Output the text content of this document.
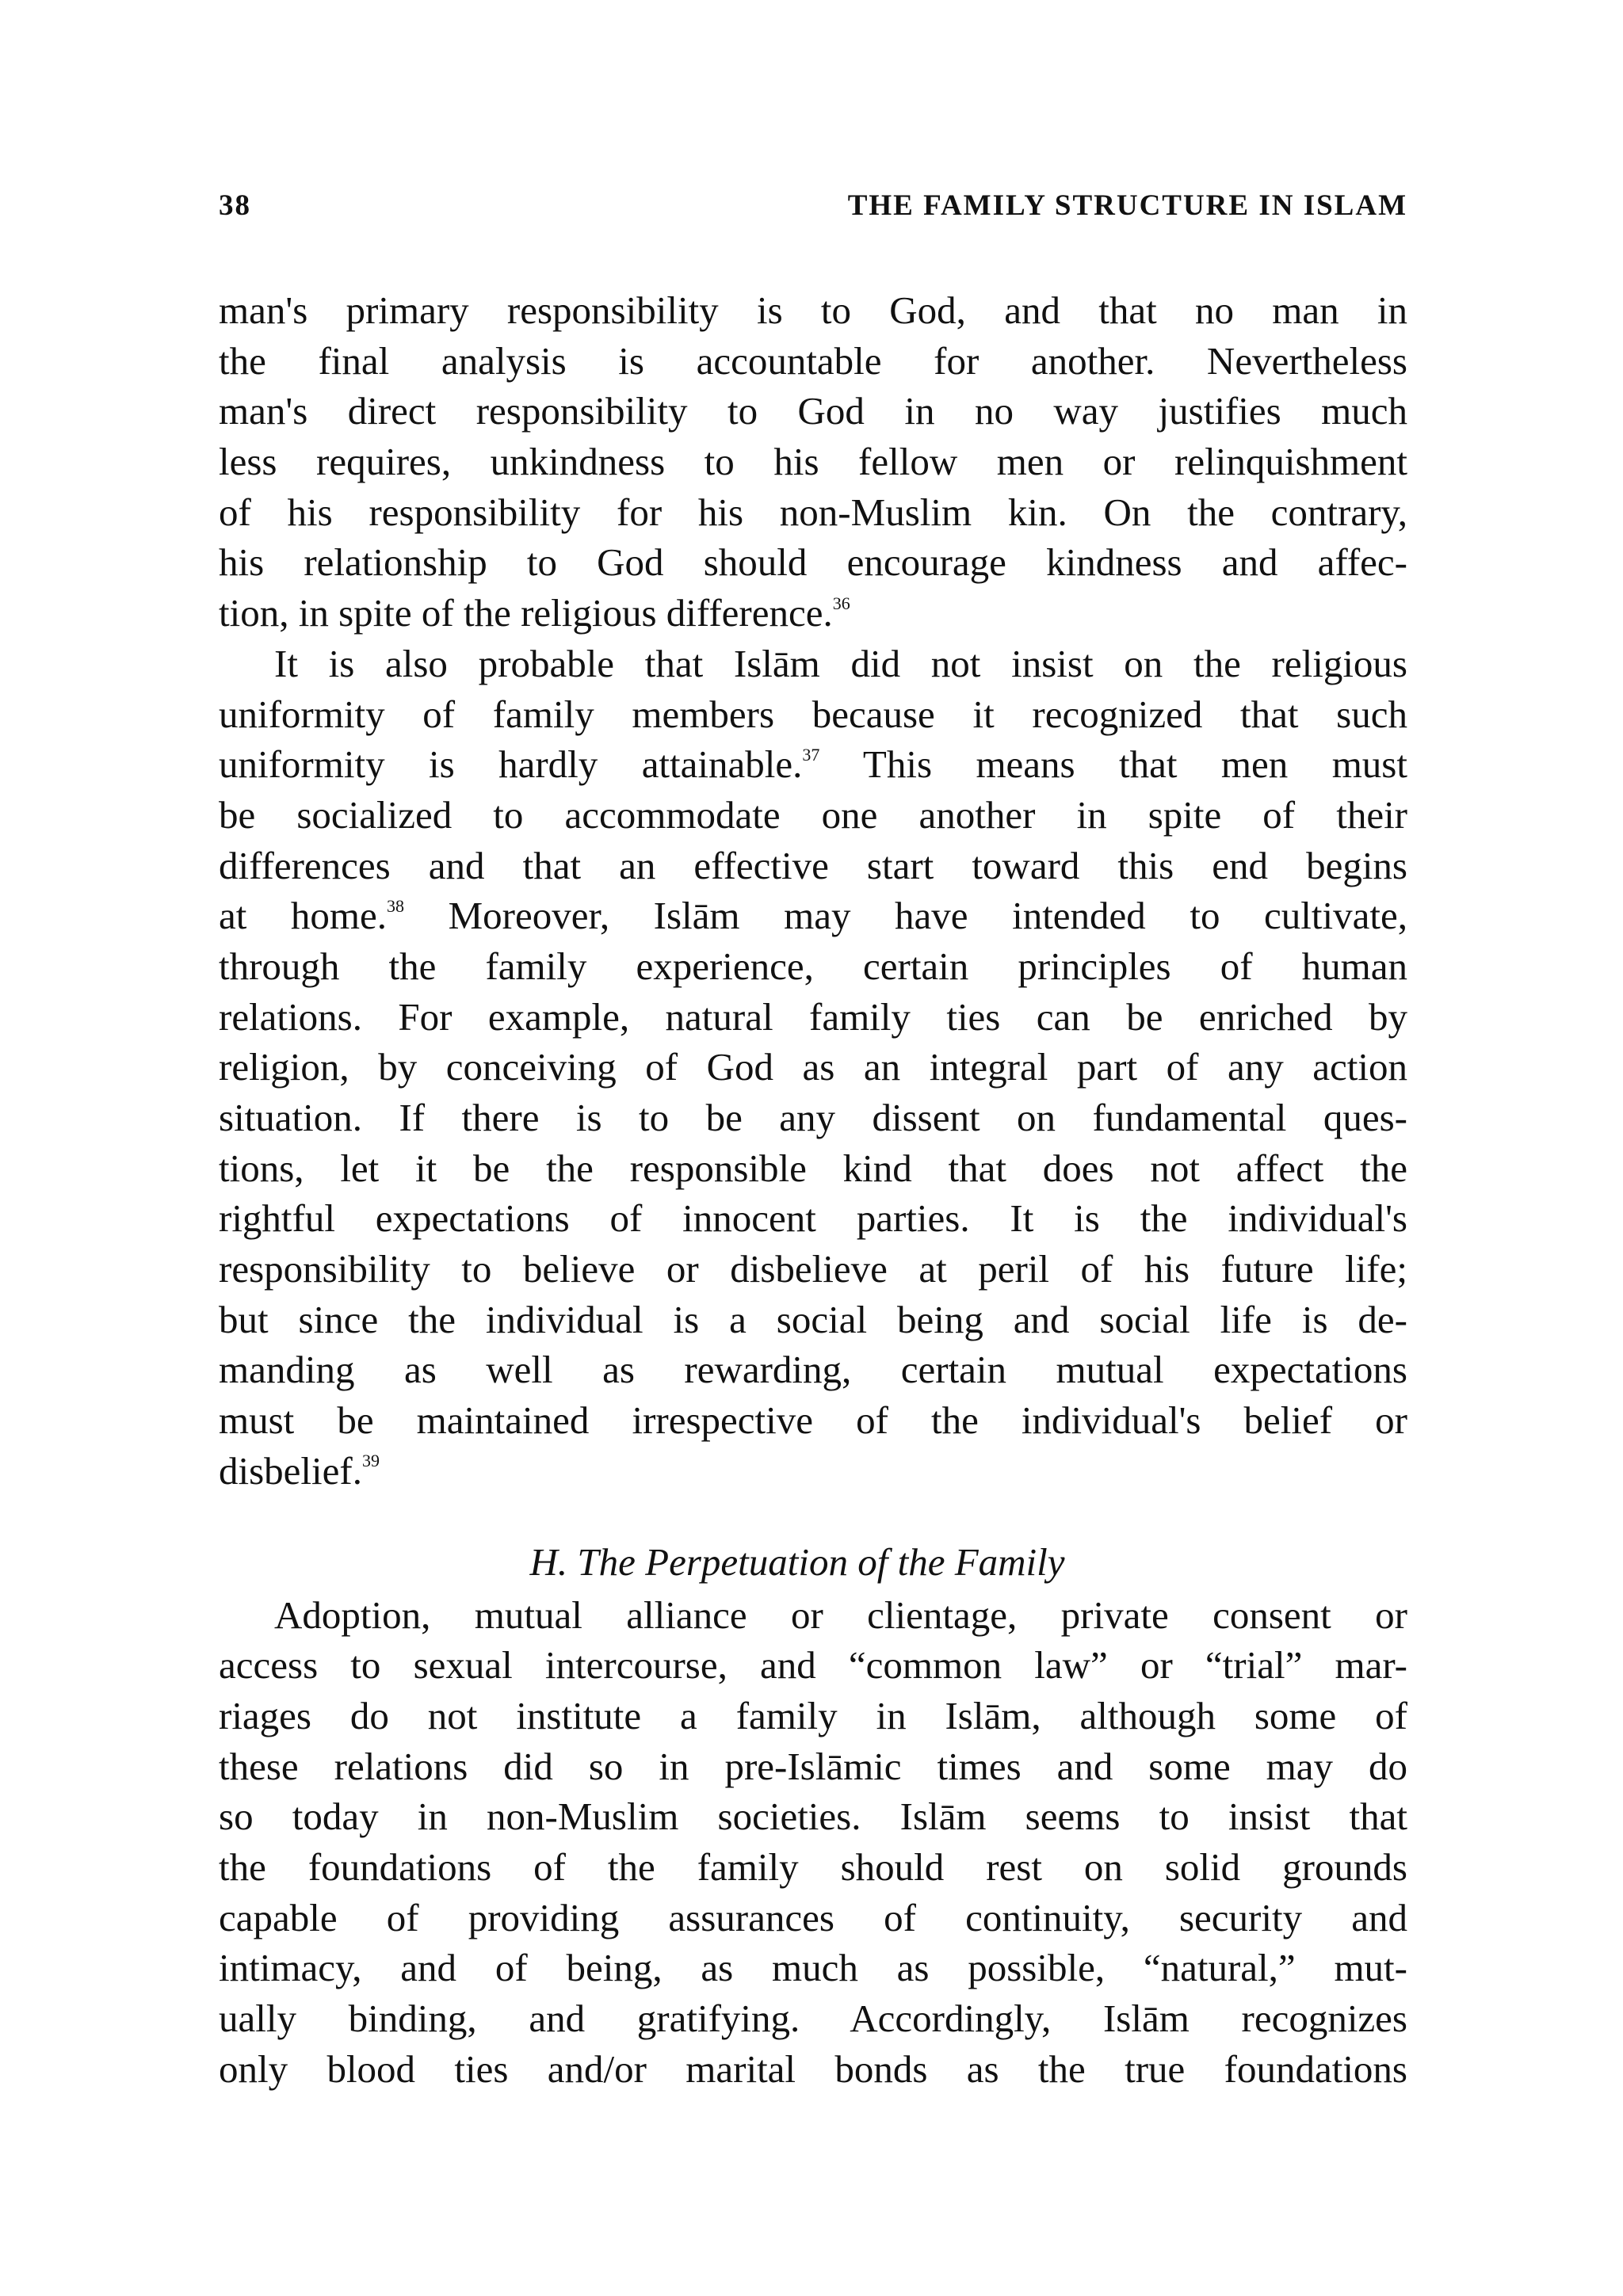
38	THE FAMILY STRUCTURE IN ISLAM
man's primary responsibility is to God, and that no man in
the final analysis is accountable for another. Nevertheless
man's direct responsibility to God in no way justifies much
less requires, unkindness to his fellow men or relinquishment
of his responsibility for his non-Muslim kin. On the contrary,
his relationship to God should encourage kindness and affec-
tion, in spite of the religious difference.$^{36}$
It is also probable that Islām did not insist on the religious
uniformity of family members because it recognized that such
uniformity is hardly attainable.$^{37}$ This means that men must
be socialized to accommodate one another in spite of their
differences and that an effective start toward this end begins
at home.$^{38}$ Moreover, Islām may have intended to cultivate,
through the family experience, certain principles of human
relations. For example, natural family ties can be enriched by
religion, by conceiving of God as an integral part of any action
situation. If there is to be any dissent on fundamental ques-
tions, let it be the responsible kind that does not affect the
rightful expectations of innocent parties. It is the individual's
responsibility to believe or disbelieve at peril of his future life;
but since the individual is a social being and social life is de-
manding as well as rewarding, certain mutual expectations
must be maintained irrespective of the individual's belief or
disbelief.$^{39}$
H. The Perpetuation of the Family
Adoption, mutual alliance or clientage, private consent or
access to sexual intercourse, and “common law” or “trial” mar-
riages do not institute a family in Islām, although some of
these relations did so in pre-Islāmic times and some may do
so today in non-Muslim societies. Islām seems to insist that
the foundations of the family should rest on solid grounds
capable of providing assurances of continuity, security and
intimacy, and of being, as much as possible, “natural,” mut-
ually binding, and gratifying. Accordingly, Islām recognizes
only blood ties and/or marital bonds as the true foundations
